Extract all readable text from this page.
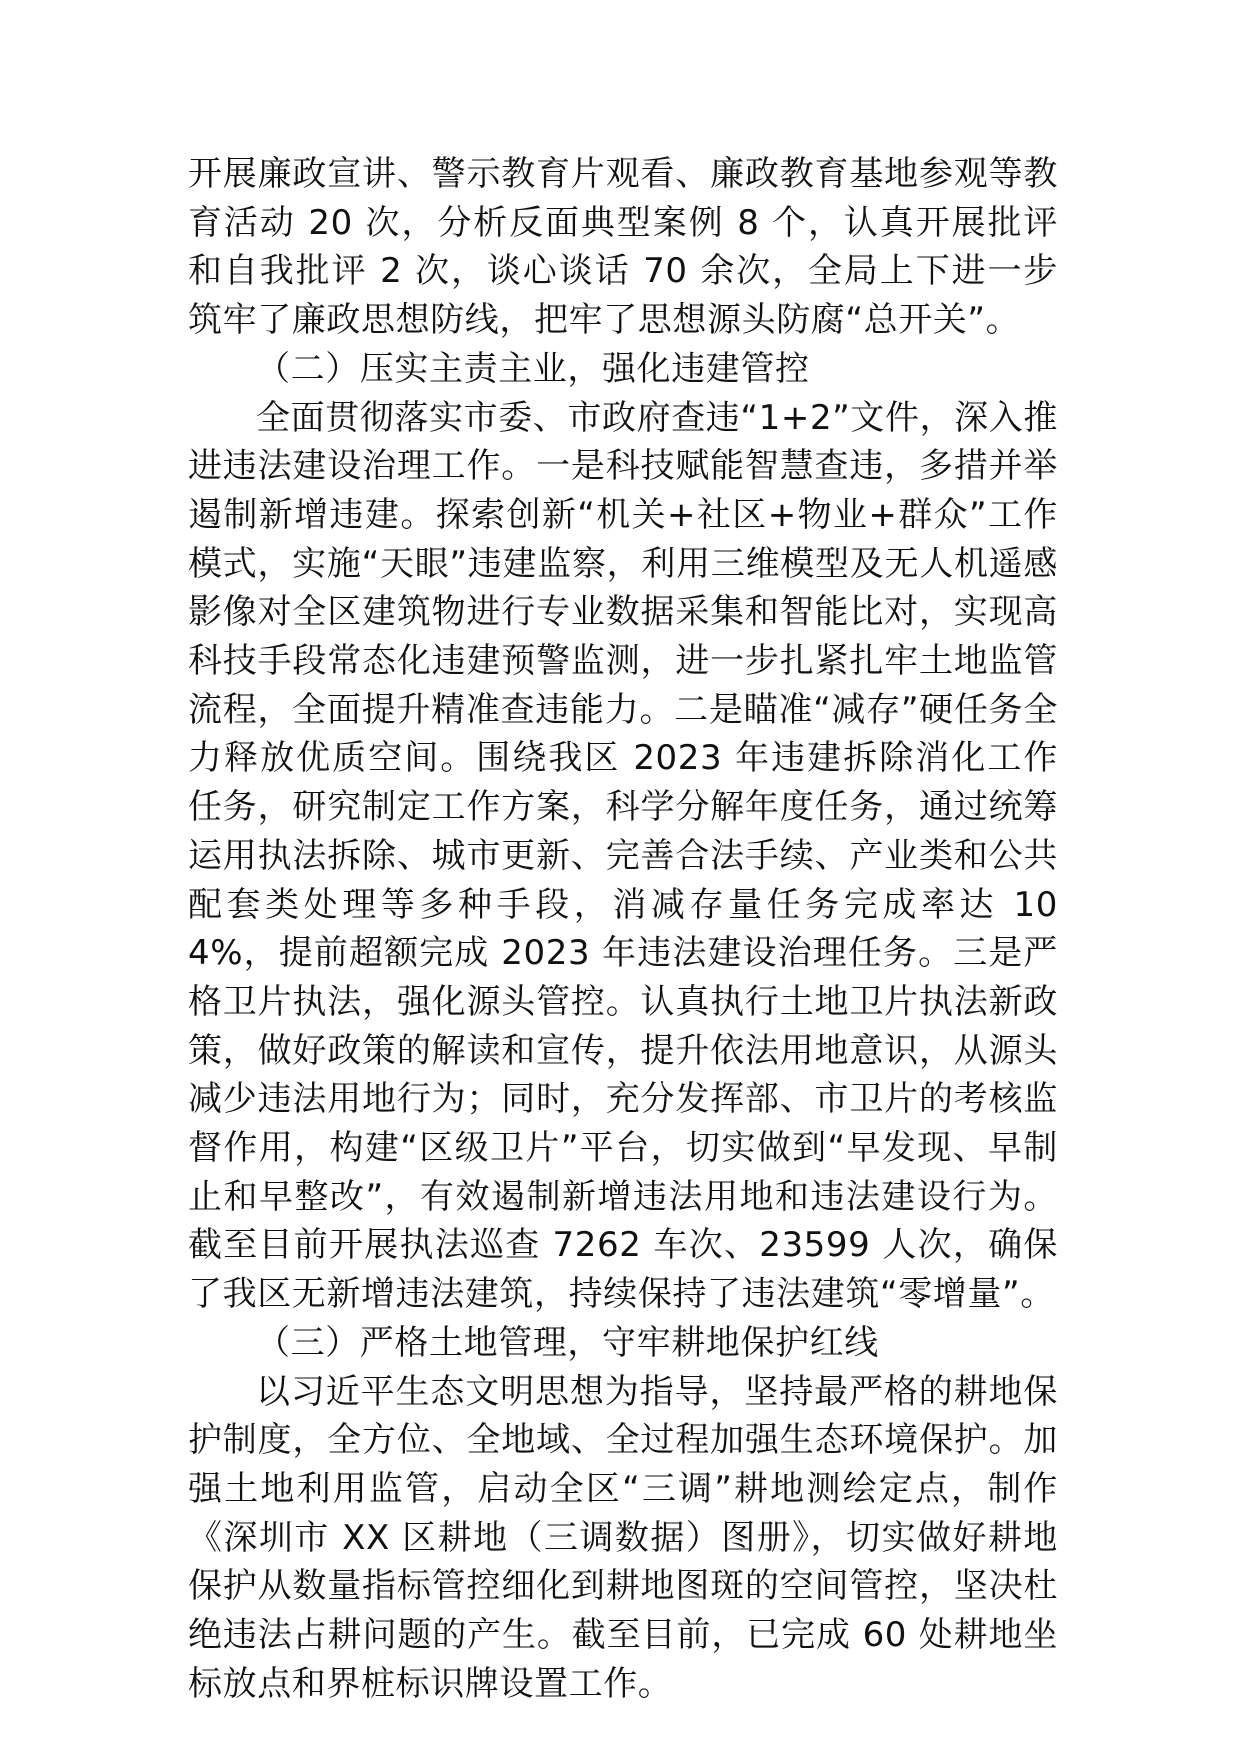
开展廉政宣讲、警示教育片观看、廉政教育基地参观等教育活动 20 次，分析反面典型案例 8 个，认真开展批评和自我批评 2 次，谈心谈话 70 余次，全局上下进一步筑牢了廉政思想防线，把牢了思想源头防腐“总开关”。

（二）压实主责主业，强化违建管控

全面贯彻落实市委、市政府查违“1+2”文件，深入推进违法建设治理工作。一是科技赋能智慧查违，多措并举遏制新增违建。探索创新“机关+社区+物业+群众”工作模式，实施“天眼”违建监察，利用三维模型及无人机遥感影像对全区建筑物进行专业数据采集和智能比对，实现高科技手段常态化违建预警监测，进一步扎紧扎牢土地监管流程，全面提升精准查违能力。二是瞄准“减存”硬任务全力释放优质空间。围绕我区 2023 年违建拆除消化工作任务，研究制定工作方案，科学分解年度任务，通过统筹运用执法拆除、城市更新、完善合法手续、产业类和公共配套类处理等多种手段，消减存量任务完成率达 104%，提前超额完成 2023 年违法建设治理任务。三是严格卫片执法，强化源头管控。认真执行土地卫片执法新政策，做好政策的解读和宣传，提升依法用地意识，从源头减少违法用地行为；同时，充分发挥部、市卫片的考核监督作用，构建“区级卫片”平台，切实做到“早发现、早制止和早整改”，有效遏制新增违法用地和违法建设行为。截至目前开展执法巡查 7262 车次、23599 人次，确保了我区无新增违法建筑，持续保持了违法建筑“零增量”。

（三）严格土地管理，守牢耕地保护红线

以习近平生态文明思想为指导，坚持最严格的耕地保护制度，全方位、全地域、全过程加强生态环境保护。加强土地利用监管，启动全区“三调”耕地测绘定点，制作《深圳市 XX 区耕地（三调数据）图册》，切实做好耕地保护从数量指标管控细化到耕地图斑的空间管控，坚决杜绝违法占耕问题的产生。截至目前，已完成 60 处耕地坐标放点和界桩标识牌设置工作。
